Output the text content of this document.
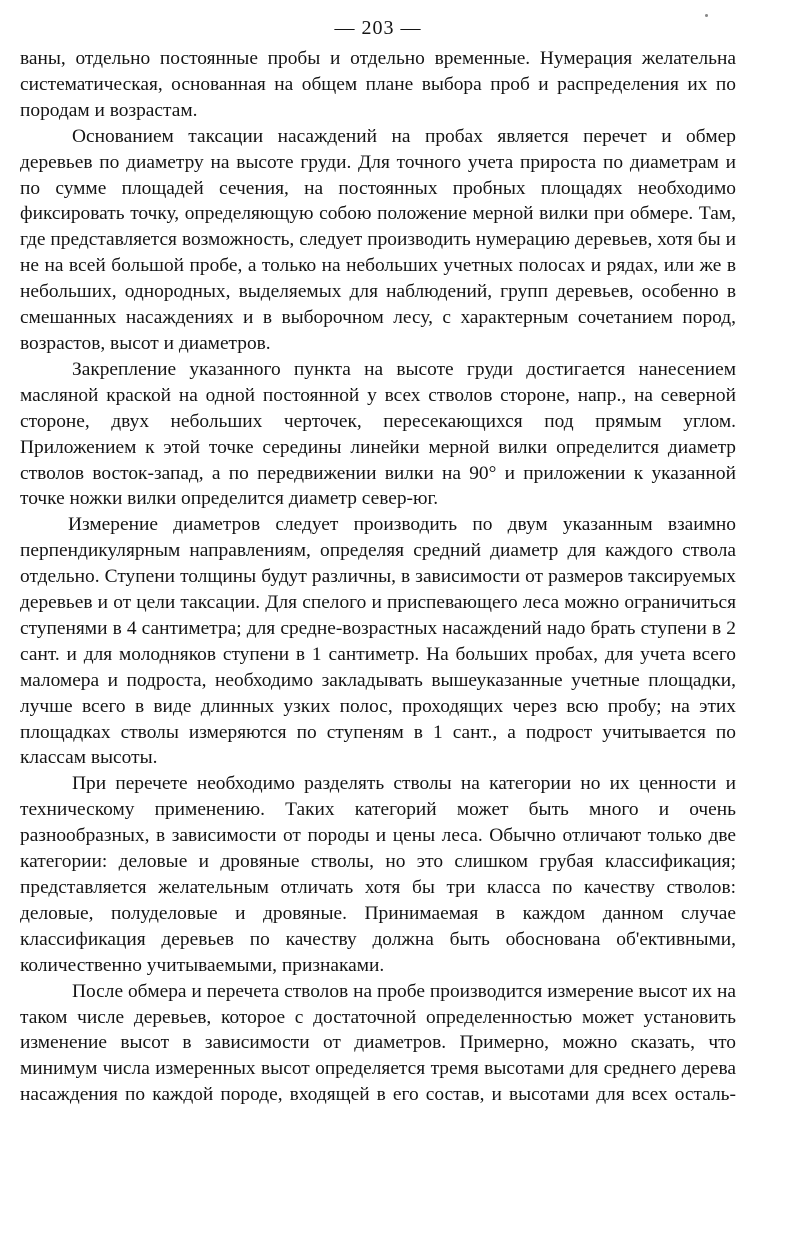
— 203 —

ваны, отдельно постоянные пробы и отдельно временные. Нумерация желательна систематическая, основанная на общем плане выбора проб и распределения их по породам и возрастам.

Основанием таксации насаждений на пробах является перечет и обмер деревьев по диаметру на высоте груди. Для точного учета прироста по диаметрам и по сумме площадей сечения, на постоянных пробных площадях необходимо фиксировать точку, определяющую собою положение мерной вилки при обмере. Там, где представляется возможность, следует производить нумерацию деревьев, хотя бы и не на всей большой пробе, а только на небольших учетных полосах и рядах, или же в небольших, однородных, выделяемых для наблюдений, групп деревьев, особенно в смешанных насаждениях и в выборочном лесу, с характерным сочетанием пород, возрастов, высот и диаметров.

Закрепление указанного пункта на высоте груди достигается нанесением масляной краской на одной постоянной у всех стволов стороне, напр., на северной стороне, двух небольших черточек, пересекающихся под прямым углом. Приложением к этой точке середины линейки мерной вилки определится диаметр стволов восток-запад, а по передвижении вилки на 90° и приложении к указанной точке ножки вилки определится диаметр север-юг.

Измерение диаметров следует производить по двум указанным взаимно перпендикулярным направлениям, определяя средний диаметр для каждого ствола отдельно. Ступени толщины будут различны, в зависимости от размеров таксируемых деревьев и от цели таксации. Для спелого и приспевающего леса можно ограничиться ступенями в 4 сантиметра; для средне-возрастных насаждений надо брать ступени в 2 сант. и для молодняков ступени в 1 сантиметр. На больших пробах, для учета всего маломера и подроста, необходимо закладывать вышеуказанные учетные площадки, лучше всего в виде длинных узких полос, проходящих через всю пробу; на этих площадках стволы измеряются по ступеням в 1 сант., а подрост учитывается по классам высоты.

При перечете необходимо разделять стволы на категории но их ценности и техническому применению. Таких категорий может быть много и очень разнообразных, в зависимости от породы и цены леса. Обычно отличают только две категории: деловые и дровяные стволы, но это слишком грубая классификация; представляется желательным отличать хотя бы три класса по качеству стволов: деловые, полуделовые и дровяные. Принимаемая в каждом данном случае классификация деревьев по качеству должна быть обоснована об'ективными, количественно учитываемыми, признаками.

После обмера и перечета стволов на пробе производится измерение высот их на таком числе деревьев, которое с достаточной определенностью может установить изменение высот в зависимости от диаметров. Примерно, можно сказать, что минимум числа измеренных высот определяется тремя высотами для среднего дерева насаждения по каждой породе, входящей в его состав, и высотами для всех осталь-
